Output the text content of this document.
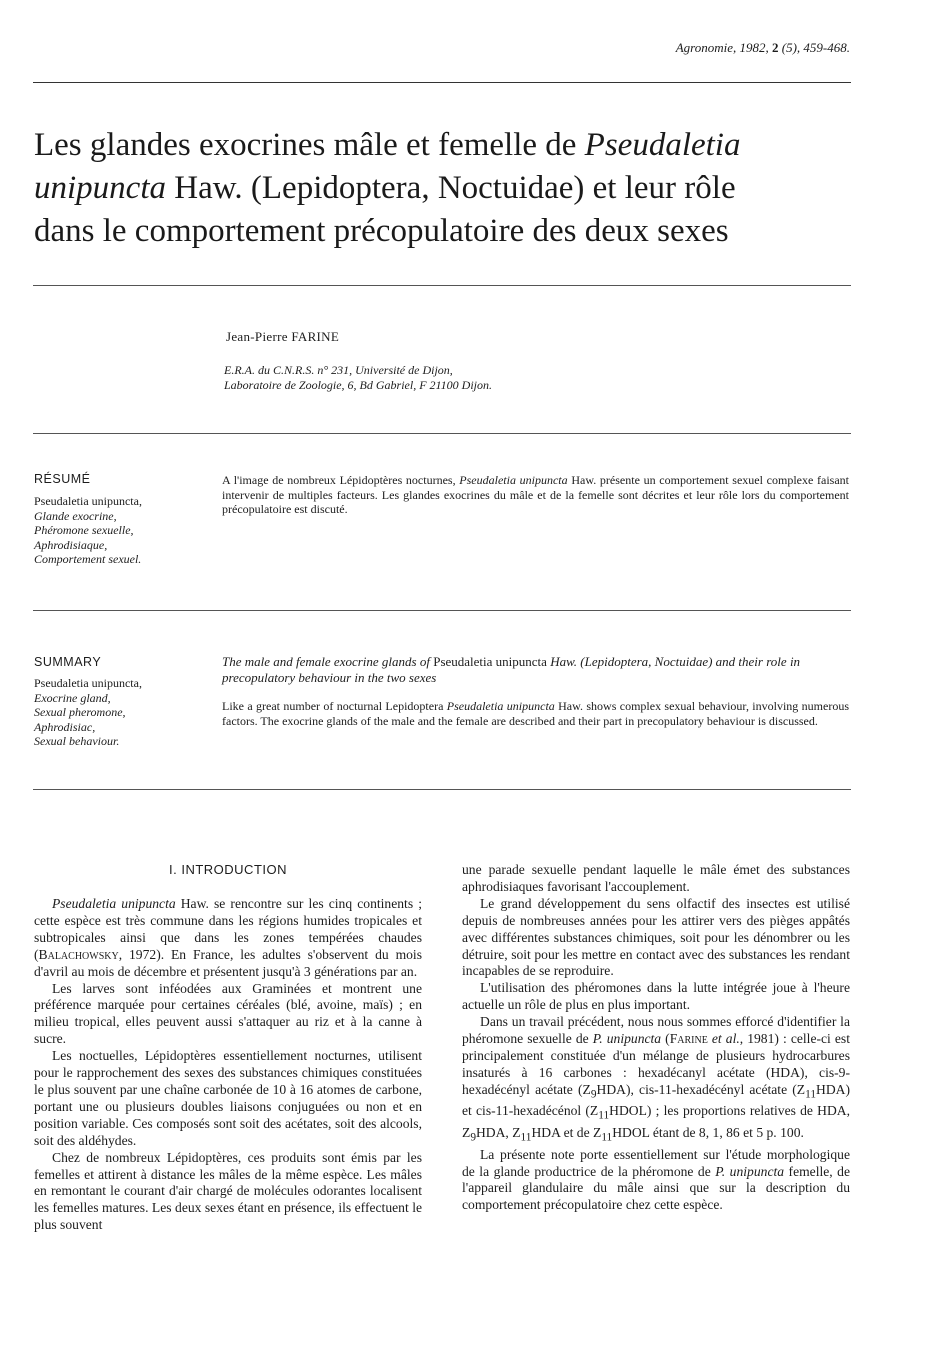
Agronomie, 1982, 2 (5), 459-468.
Les glandes exocrines mâle et femelle de Pseudaletia
unipuncta Haw. (Lepidoptera, Noctuidae) et leur rôle
dans le comportement précopulatoire des deux sexes
Jean-Pierre FARINE
E.R.A. du C.N.R.S. n° 231, Université de Dijon,
Laboratoire de Zoologie, 6, Bd Gabriel, F 21100 Dijon.
RÉSUMÉ
Pseudaletia unipuncta,
Glande exocrine,
Phéromone sexuelle,
Aphrodisiaque,
Comportement sexuel.
A l'image de nombreux Lépidoptères nocturnes, Pseudaletia unipuncta Haw. présente un comportement sexuel complexe faisant intervenir de multiples facteurs. Les glandes exocrines du mâle et de la femelle sont décrites et leur rôle lors du comportement précopulatoire est discuté.
SUMMARY
Pseudaletia unipuncta,
Exocrine gland,
Sexual pheromone,
Aphrodisiac,
Sexual behaviour.
The male and female exocrine glands of Pseudaletia unipuncta Haw. (Lepidoptera, Noctuidae) and their role in precopulatory behaviour in the two sexes
Like a great number of nocturnal Lepidoptera Pseudaletia unipuncta Haw. shows complex sexual behaviour, involving numerous factors. The exocrine glands of the male and the female are described and their part in precopulatory behaviour is discussed.
I. INTRODUCTION

Pseudaletia unipuncta Haw. se rencontre sur les cinq continents ; cette espèce est très commune dans les régions humides tropicales et subtropicales ainsi que dans les zones tempérées chaudes (Balachowsky, 1972). En France, les adultes s'observent du mois d'avril au mois de décembre et présentent jusqu'à 3 générations par an.

Les larves sont inféodées aux Graminées et montrent une préférence marquée pour certaines céréales (blé, avoine, maïs) ; en milieu tropical, elles peuvent aussi s'attaquer au riz et à la canne à sucre.

Les noctuelles, Lépidoptères essentiellement nocturnes, utilisent pour le rapprochement des sexes des substances chimiques constituées le plus souvent par une chaîne carbonée de 10 à 16 atomes de carbone, portant une ou plusieurs doubles liaisons conjuguées ou non et en position variable. Ces composés sont soit des acétates, soit des alcools, soit des aldéhydes.

Chez de nombreux Lépidoptères, ces produits sont émis par les femelles et attirent à distance les mâles de la même espèce. Les mâles en remontant le courant d'air chargé de molécules odorantes localisent les femelles matures. Les deux sexes étant en présence, ils effectuent le plus souvent

une parade sexuelle pendant laquelle le mâle émet des substances aphrodisiaques favorisant l'accouplement.

Le grand développement du sens olfactif des insectes est utilisé depuis de nombreuses années pour les attirer vers des pièges appâtés avec différentes substances chimiques, soit pour les dénombrer ou les détruire, soit pour les mettre en contact avec des substances les rendant incapables de se reproduire.

L'utilisation des phéromones dans la lutte intégrée joue à l'heure actuelle un rôle de plus en plus important.

Dans un travail précédent, nous nous sommes efforcé d'identifier la phéromone sexuelle de P. unipuncta (Farine et al., 1981) : celle-ci est principalement constituée d'un mélange de plusieurs hydrocarbures insaturés à 16 carbones : hexadécanyl acétate (HDA), cis-9-hexadécényl acétate $(Z_9HDA)$, cis-11-hexadécényl acétate $(Z_{11}HDA)$ et cis-11-hexadécénol $(Z_{11}HDOL)$ ; les proportions relatives de HDA, $Z_9HDA$, $Z_{11}HDA$ et de $Z_{11}HDOL$ étant de 8, 1, 86 et 5 p. 100.

La présente note porte essentiellement sur l'étude morphologique de la glande productrice de la phéromone de P. unipuncta femelle, de l'appareil glandulaire du mâle ainsi que sur la description du comportement précopulatoire chez cette espèce.
